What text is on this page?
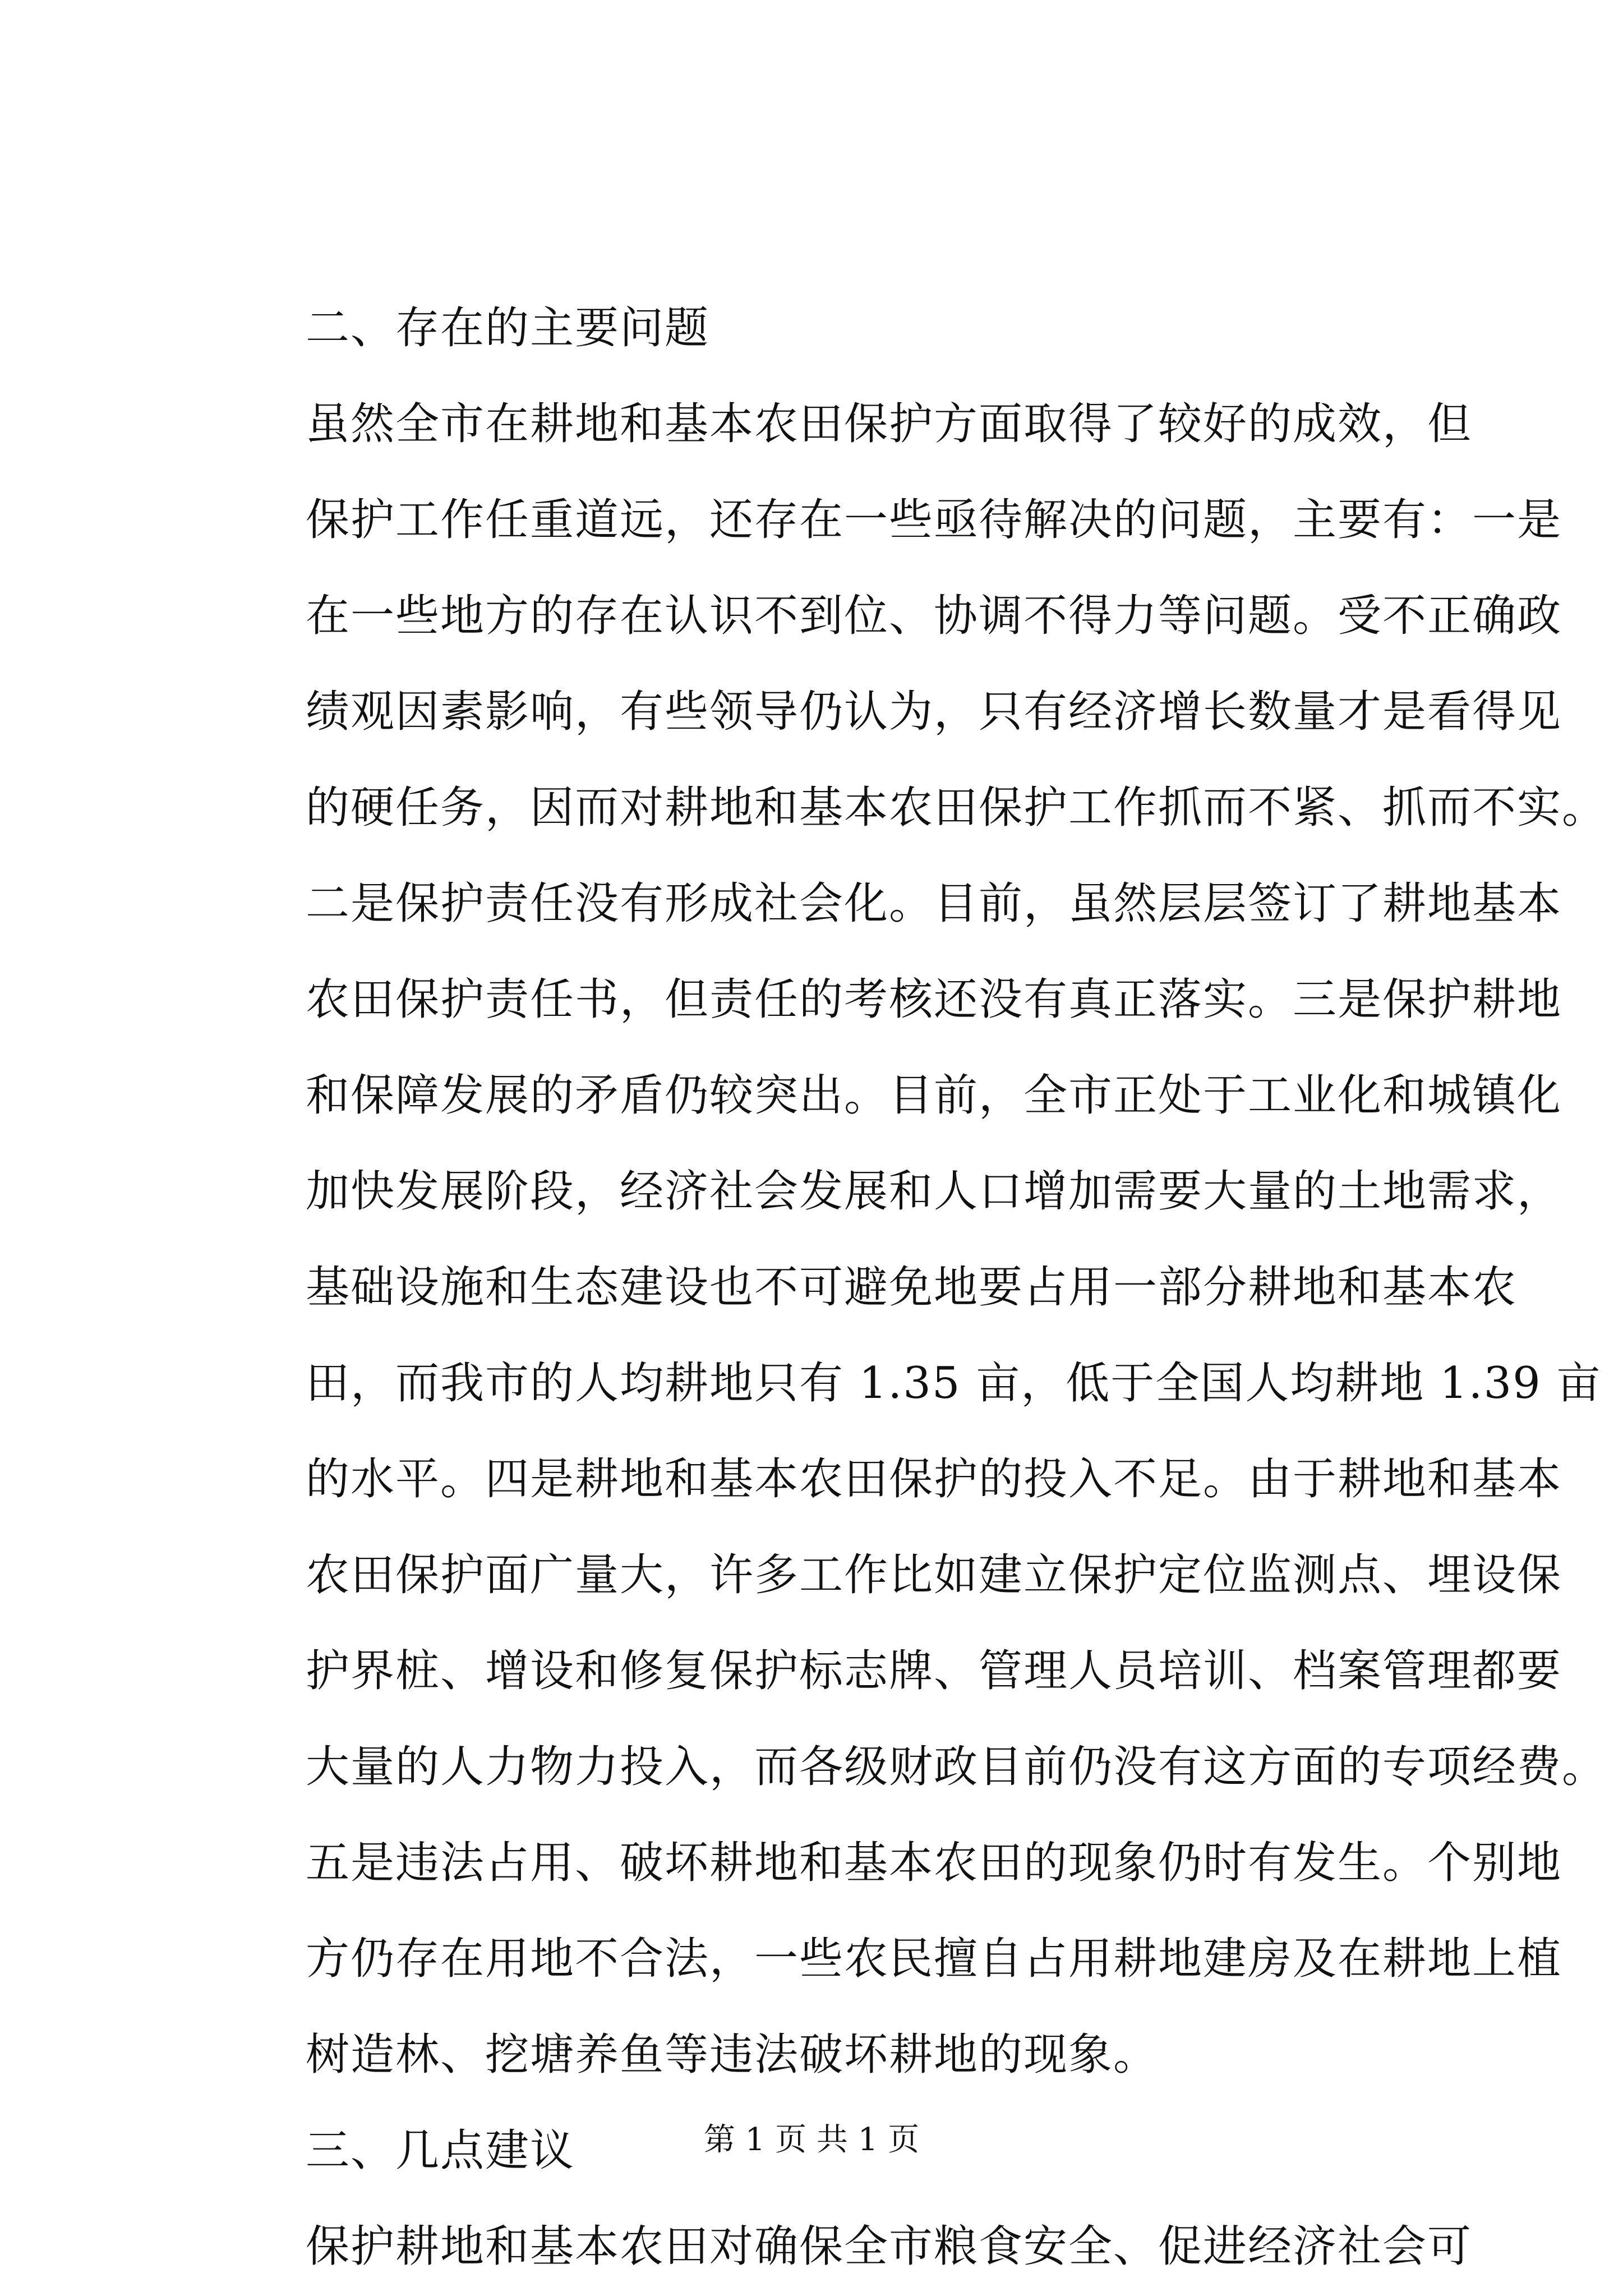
二、存在的主要问题
虽然全市在耕地和基本农田保护方面取得了较好的成效，但
保护工作任重道远，还存在一些亟待解决的问题，主要有：一是
在一些地方的存在认识不到位、协调不得力等问题。受不正确政
绩观因素影响，有些领导仍认为，只有经济增长数量才是看得见
的硬任务，因而对耕地和基本农田保护工作抓而不紧、抓而不实。
二是保护责任没有形成社会化。目前，虽然层层签订了耕地基本
农田保护责任书，但责任的考核还没有真正落实。三是保护耕地
和保障发展的矛盾仍较突出。目前，全市正处于工业化和城镇化
加快发展阶段，经济社会发展和人口增加需要大量的土地需求，
基础设施和生态建设也不可避免地要占用一部分耕地和基本农
田，而我市的人均耕地只有 1.35 亩，低于全国人均耕地 1.39 亩
的水平。四是耕地和基本农田保护的投入不足。由于耕地和基本
农田保护面广量大，许多工作比如建立保护定位监测点、埋设保
护界桩、增设和修复保护标志牌、管理人员培训、档案管理都要
大量的人力物力投入，而各级财政目前仍没有这方面的专项经费。
五是违法占用、破坏耕地和基本农田的现象仍时有发生。个别地
方仍存在用地不合法，一些农民擅自占用耕地建房及在耕地上植
树造林、挖塘养鱼等违法破坏耕地的现象。
三、几点建议
保护耕地和基本农田对确保全市粮食安全、促进经济社会可
第 1 页 共 1 页
